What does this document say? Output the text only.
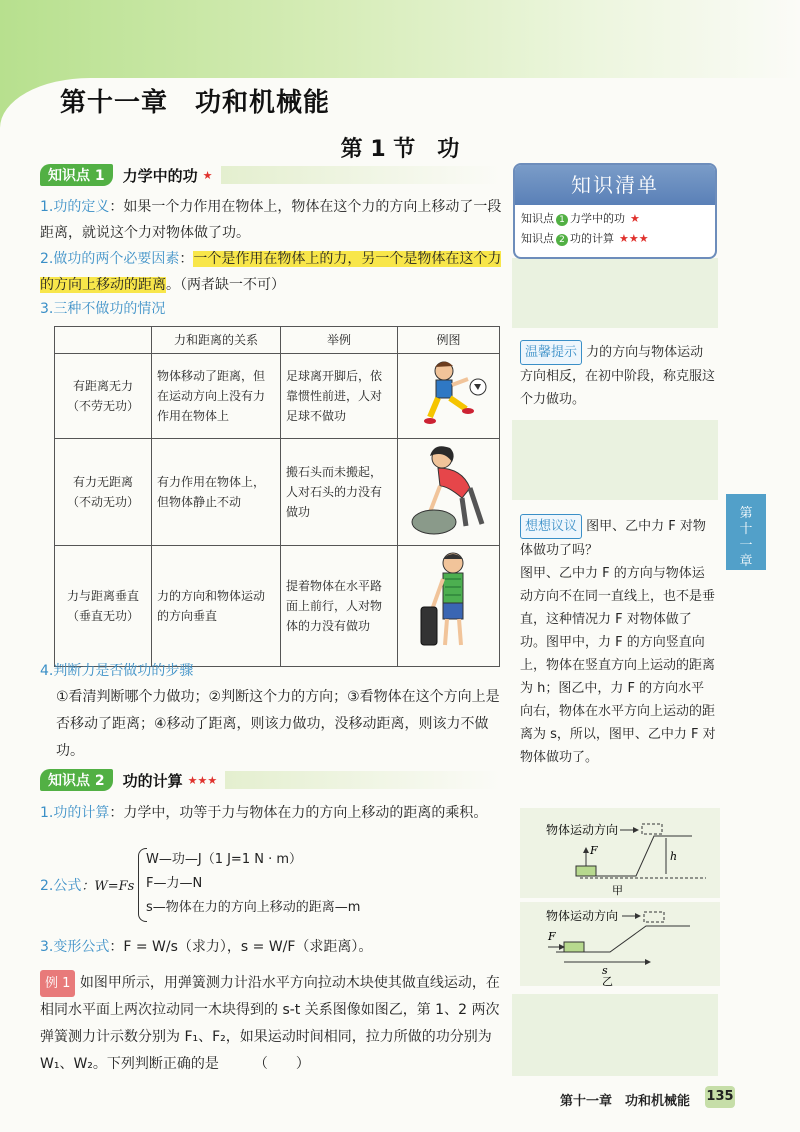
第十一章　功和机械能
第 1 节　功
知识点 1	力学中的功 ★
1.功的定义：如果一个力作用在物体上，物体在这个力的方向上移动了一段距离，就说这个力对物体做了功。
2.做功的两个必要因素：一个是作用在物体上的力，另一个是物体在这个力的方向上移动的距离。（两者缺一不可）
3.三种不做功的情况
	力和距离的关系	举例	例图
有距离无力
（不劳无功）	物体移动了距离，但在运动方向上没有力作用在物体上	足球离开脚后，依靠惯性前进，人对足球不做功	
有力无距离
（不动无功）	有力作用在物体上，但物体静止不动	搬石头而未搬起，人对石头的力没有做功	
力与距离垂直
（垂直无功）	力的方向和物体运动的方向垂直	提着物体在水平路面上前行，人对物体的力没有做功	
4.判断力是否做功的步骤
①看清判断哪个力做功；②判断这个力的方向；③看物体在这个方向上是否移动了距离；④移动了距离，则该力做功，没移动距离，则该力不做功。
知识点 2	功的计算 ★★★
1.功的计算：力学中，功等于力与物体在力的方向上移动的距离的乘积。
2.公式：W=Fs
W—功—J（1 J=1 N · m）
F—力—N
s—物体在力的方向上移动的距离—m
3.变形公式：F = W/s（求力），s = W/F（求距离）。
例 1 如图甲所示，用弹簧测力计沿水平方向拉动木块使其做直线运动，在相同水平面上两次拉动同一木块得到的 s-t 关系图像如图乙，第 1、2 两次弹簧测力计示数分别为 F₁、F₂，如果运动时间相同，拉力所做的功分别为 W₁、W₂。下列判断正确的是　　　（　　）
知识清单
知识点 1 力学中的功 ★
知识点 2 功的计算 ★★★
温馨提示 力的方向与物体运动方向相反，在初中阶段，称克服这个力做功。
想想议议 图甲、乙中力 F 对物体做功了吗？
图甲、乙中力 F 的方向与物体运动方向不在同一直线上，也不是垂直，这种情况力 F 对物体做了功。图甲中，力 F 的方向竖直向上，物体在竖直方向上运动的距离为 h；图乙中，力 F 的方向水平向右，物体在水平方向上运动的距离为 s，所以，图甲、乙中力 F 对物体做功了。
物体运动方向
F	h
甲
物体运动方向
F
s
乙
第十一章
第十一章　功和机械能 135
